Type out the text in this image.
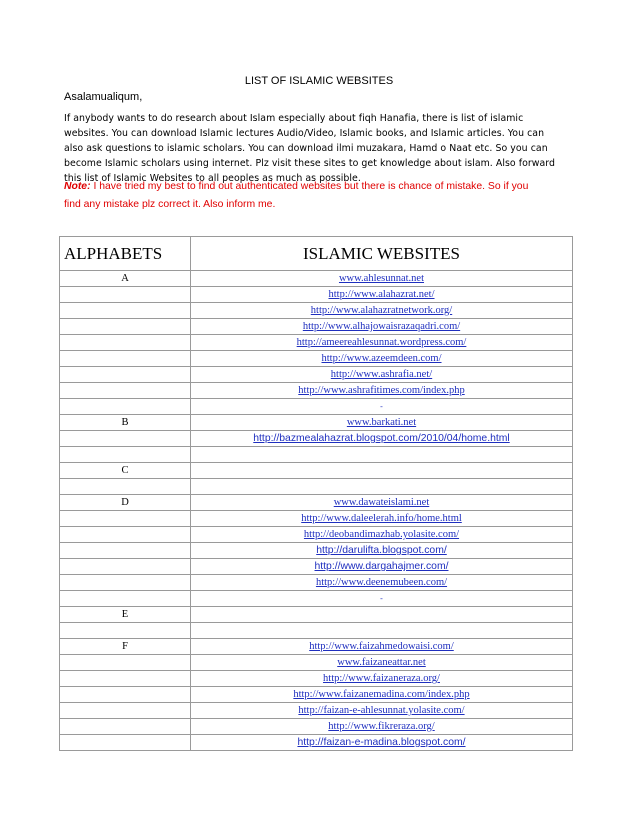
LIST OF ISLAMIC WEBSITES
Asalamualiqum,

If anybody wants to do research about Islam especially about fiqh Hanafia, there is list of islamic

websites. You can download Islamic lectures Audio/Video, Islamic books, and Islamic articles. You can

also ask questions to islamic scholars. You can download ilmi muzakara, Hamd o Naat etc. So you can

become Islamic scholars using internet. Plz visit these sites to get knowledge about islam. Also forward

this list of Islamic Websites to all peoples as much as possible.

Note: I have tried my best to find out authenticated websites but there is chance of mistake. So if you

find any mistake plz correct it. Also inform me.

ALPHABETS	ISLAMIC WEBSITES
A	www.ahlesunnat.net
	http://www.alahazrat.net/
	http://www.alahazratnetwork.org/
	http://www.alhajowaisrazaqadri.com/
	http://ameereahlesunnat.wordpress.com/
	http://www.azeemdeen.com/
	http://www.ashrafia.net/
	http://www.ashrafitimes.com/index.php
	-
B	www.barkati.net
	http://bazmealahazrat.blogspot.com/2010/04/home.html

C	

D	www.dawateislami.net
	http://www.daleelerah.info/home.html
	http://deobandimazhab.yolasite.com/
	http://darulifta.blogspot.com/
	http://www.dargahajmer.com/
	http://www.deenemubeen.com/
	-
E	

F	http://www.faizahmedowaisi.com/
	www.faizaneattar.net
	http://www.faizaneraza.org/
	http://www.faizanemadina.com/index.php
	http://faizan-e-ahlesunnat.yolasite.com/
	http://www.fikreraza.org/
	http://faizan-e-madina.blogspot.com/
